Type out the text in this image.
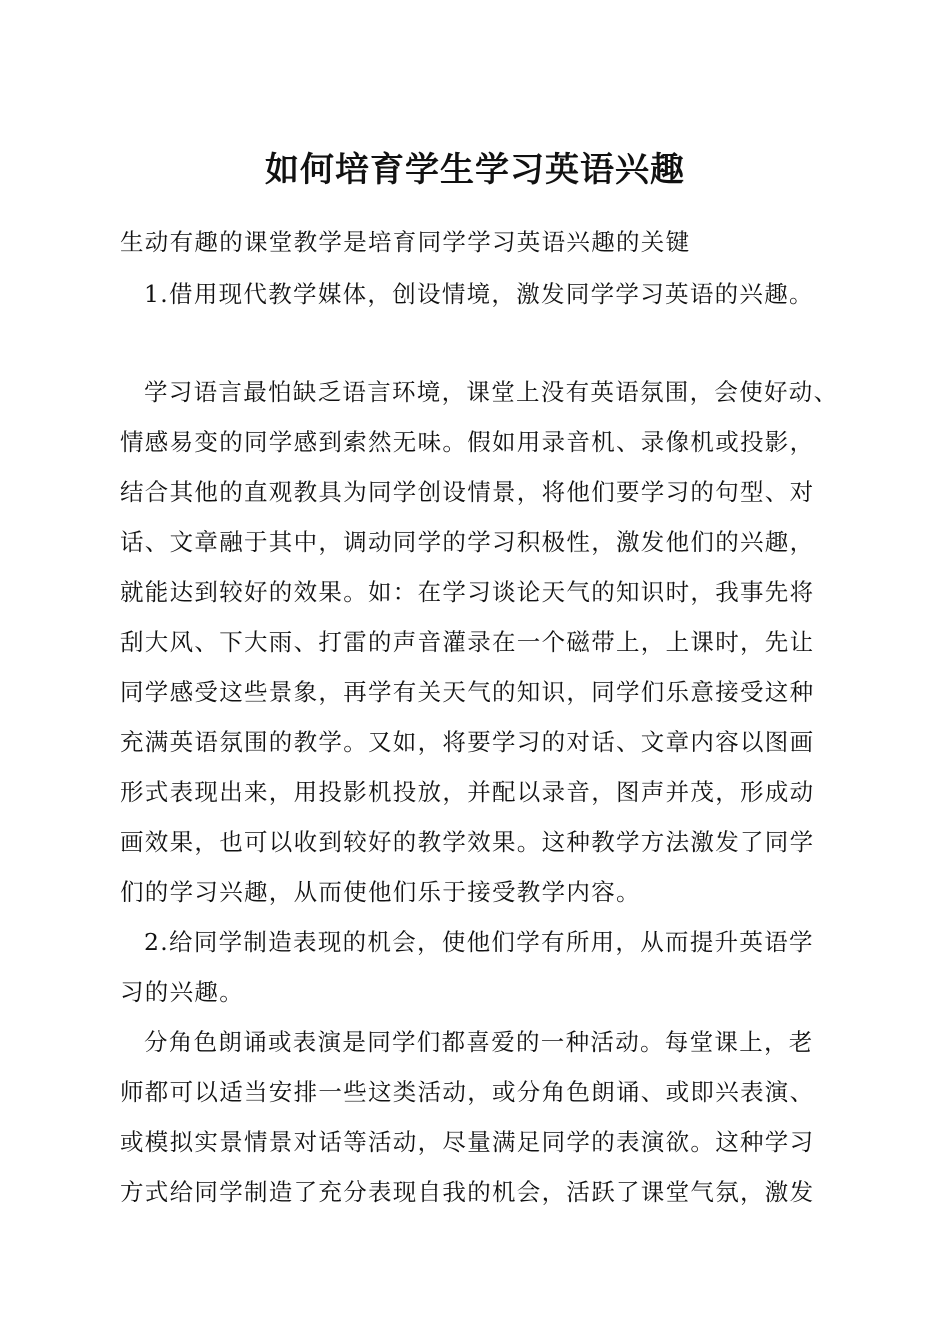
如何培育学生学习英语兴趣

生动有趣的课堂教学是培育同学学习英语兴趣的关键

1.借用现代教学媒体，创设情境，激发同学学习英语的兴趣。

学习语言最怕缺乏语言环境，课堂上没有英语氛围，会使好动、

情感易变的同学感到索然无味。假如用录音机、录像机或投影，

结合其他的直观教具为同学创设情景，将他们要学习的句型、对

话、文章融于其中，调动同学的学习积极性，激发他们的兴趣，

就能达到较好的效果。如：在学习谈论天气的知识时，我事先将

刮大风、下大雨、打雷的声音灌录在一个磁带上，上课时，先让

同学感受这些景象，再学有关天气的知识，同学们乐意接受这种

充满英语氛围的教学。又如，将要学习的对话、文章内容以图画

形式表现出来，用投影机投放，并配以录音，图声并茂，形成动

画效果，也可以收到较好的教学效果。这种教学方法激发了同学

们的学习兴趣，从而使他们乐于接受教学内容。

2.给同学制造表现的机会，使他们学有所用，从而提升英语学

习的兴趣。

分角色朗诵或表演是同学们都喜爱的一种活动。每堂课上，老

师都可以适当安排一些这类活动，或分角色朗诵、或即兴表演、

或模拟实景情景对话等活动，尽量满足同学的表演欲。这种学习

方式给同学制造了充分表现自我的机会，活跃了课堂气氛，激发
